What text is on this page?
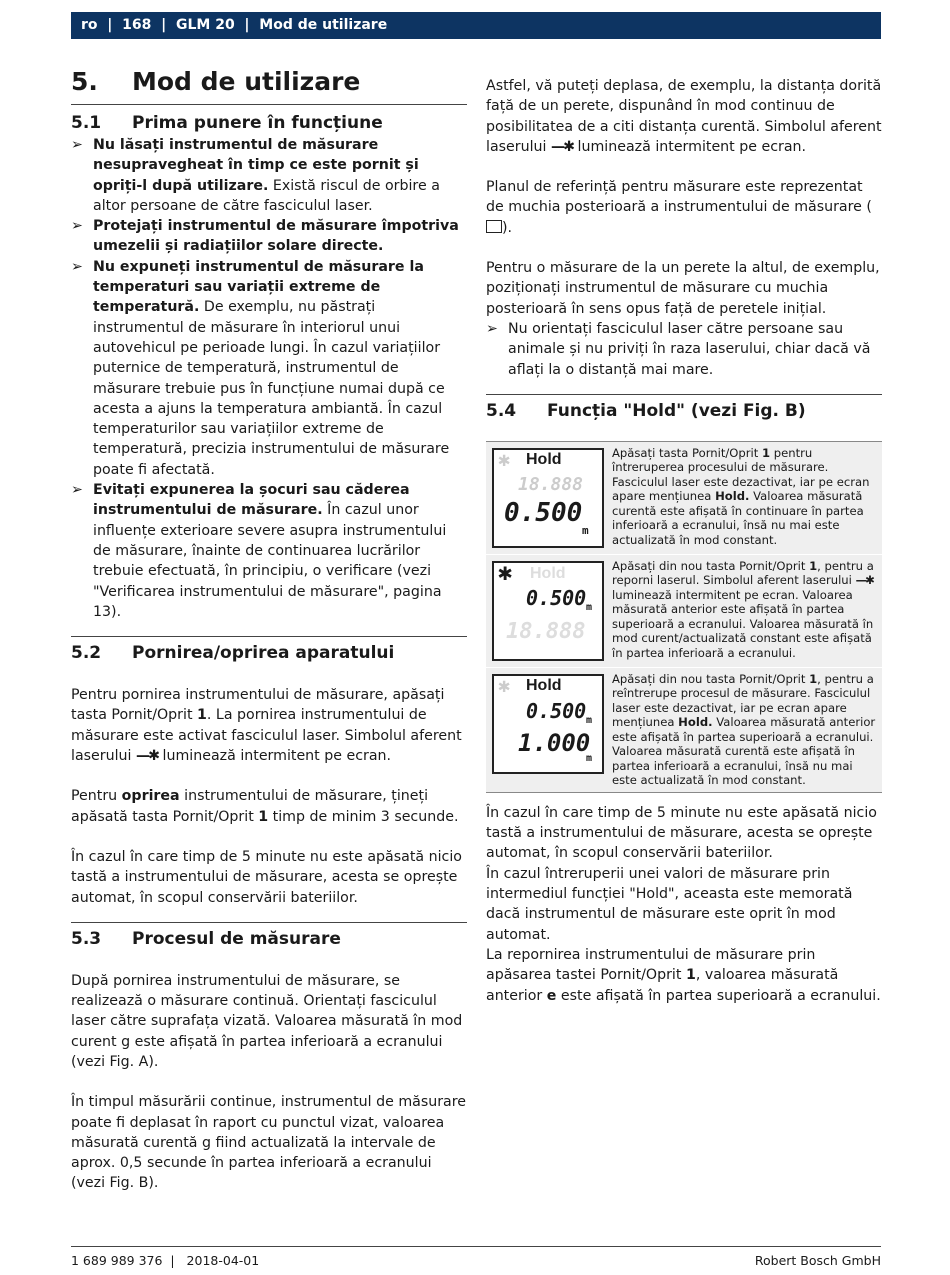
ro  |  168  |  GLM 20  |  Mod de utilizare
5. Mod de utilizare
5.1 Prima punere în funcțiune
➢ Nu lăsați instrumentul de măsurare nesupravegheat în timp ce este pornit și opriți-l după utilizare. Există riscul de orbire a altor persoane de către fasciculul laser.
➢ Protejați instrumentul de măsurare împotriva umezelii și radiațiilor solare directe.
➢ Nu expuneți instrumentul de măsurare la temperaturi sau variații extreme de temperatură. De exemplu, nu păstrați instrumentul de măsurare în interiorul unui autovehicul pe perioade lungi. În cazul variațiilor puternice de temperatură, instrumentul de măsurare trebuie pus în funcțiune numai după ce acesta a ajuns la temperatura ambiantă. În cazul temperaturilor sau variațiilor extreme de temperatură, precizia instrumentului de măsurare poate fi afectată.
➢ Evitați expunerea la șocuri sau căderea instrumentului de măsurare. În cazul unor influențe exterioare severe asupra instrumentului de măsurare, înainte de continuarea lucrărilor trebuie efectuată, în principiu, o verificare (vezi "Verificarea instrumentului de măsurare", pagina 13).
5.2 Pornirea/oprirea aparatului

Pentru pornirea instrumentului de măsurare, apăsați tasta Pornit/Oprit 1. La pornirea instrumentului de măsurare este activat fasciculul laser. Simbolul aferent laserului —✱ luminează intermitent pe ecran.

Pentru oprirea instrumentului de măsurare, țineți apăsată tasta Pornit/Oprit 1 timp de minim 3 secunde.

În cazul în care timp de 5 minute nu este apăsată nicio tastă a instrumentului de măsurare, acesta se oprește automat, în scopul conservării bateriilor.

5.3 Procesul de măsurare

După pornirea instrumentului de măsurare, se realizează o măsurare continuă. Orientați fasciculul laser către suprafața vizată. Valoarea măsurată în mod curent g este afișată în partea inferioară a ecranului (vezi Fig. A).

În timpul măsurării continue, instrumentul de măsurare poate fi deplasat în raport cu punctul vizat, valoarea măsurată curentă g fiind actualizată la intervale de aprox. 0,5 secunde în partea inferioară a ecranului (vezi Fig. B).

Astfel, vă puteți deplasa, de exemplu, la distanța dorită față de un perete, dispunând în mod continuu de posibilitatea de a citi distanța curentă. Simbolul aferent laserului —✱ luminează intermitent pe ecran.

Planul de referință pentru măsurare este reprezentat de muchia posterioară a instrumentului de măsurare ().

Pentru o măsurare de la un perete la altul, de exemplu, poziționați instrumentul de măsurare cu muchia posterioară în sens opus față de peretele inițial.

➢ Nu orientați fasciculul laser către persoane sau animale și nu priviți în raza laserului, chiar dacă vă aflați la o distanță mai mare.
5.4 Funcția "Hold" (vezi Fig. B)
✱ Hold
18.888
0.500
m
Apăsați tasta Pornit/Oprit 1 pentru întreruperea procesului de măsurare. Fasciculul laser este dezactivat, iar pe ecran apare mențiunea Hold. Valoarea măsurată curentă este afișată în continuare în partea inferioară a ecranului, însă nu mai este actualizată în mod constant.
✱ Hold
0.500 m
18.888
Apăsați din nou tasta Pornit/Oprit 1, pentru a reporni laserul. Simbolul aferent laserului —✱ luminează intermitent pe ecran. Valoarea măsurată anterior este afișată în partea superioară a ecranului. Valoarea măsurată în mod curent/actualizată constant este afișată în partea inferioară a ecranului.
✱ Hold
0.500 m
1.000
m
Apăsați din nou tasta Pornit/Oprit 1, pentru a reîntrerupe procesul de măsurare. Fasciculul laser este dezactivat, iar pe ecran apare mențiunea Hold. Valoarea măsurată anterior este afișată în partea superioară a ecranului. Valoarea măsurată curentă este afișată în partea inferioară a ecranului, însă nu mai este actualizată în mod constant.

În cazul în care timp de 5 minute nu este apăsată nicio tastă a instrumentului de măsurare, acesta se oprește automat, în scopul conservării bateriilor.

În cazul întreruperii unei valori de măsurare prin intermediul funcției "Hold", aceasta este memorată dacă instrumentul de măsurare este oprit în mod automat.

La repornirea instrumentului de măsurare prin apăsarea tastei Pornit/Oprit 1, valoarea măsurată anterior e este afișată în partea superioară a ecranului.

1 689 989 376  |   2018-04-01	Robert Bosch GmbH
